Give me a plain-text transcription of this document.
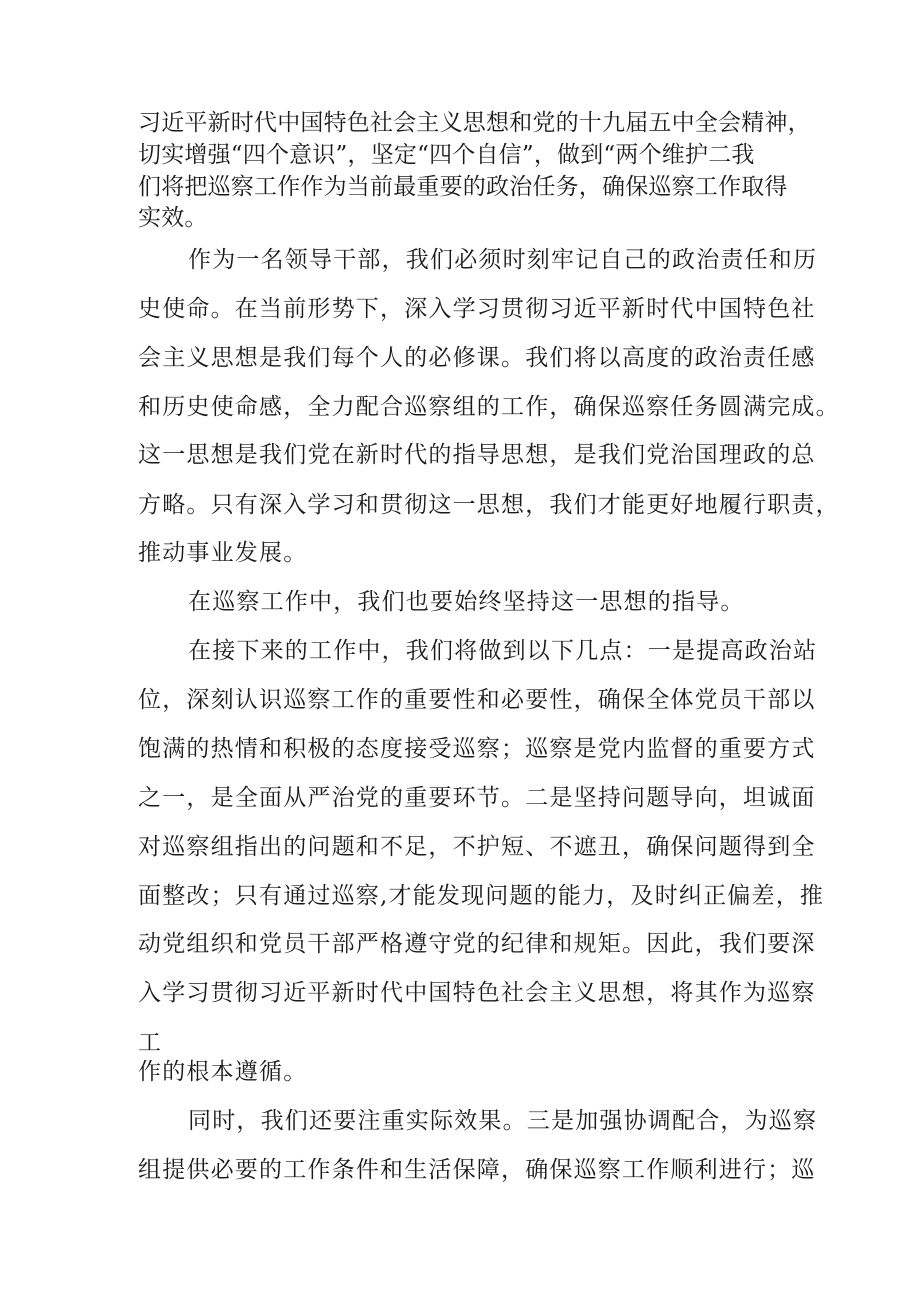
习近平新时代中国特色社会主义思想和党的十九届五中全会精神，

切实增强“四个意识”，坚定“四个自信”，做到“两个维护二我

们将把巡察工作作为当前最重要的政治任务，确保巡察工作取得

实效。

作为一名领导干部，我们必须时刻牢记自己的政治责任和历

史使命。在当前形势下，深入学习贯彻习近平新时代中国特色社

会主义思想是我们每个人的必修课。我们将以高度的政治责任感

和历史使命感，全力配合巡察组的工作，确保巡察任务圆满完成。

这一思想是我们党在新时代的指导思想，是我们党治国理政的总

方略。只有深入学习和贯彻这一思想，我们才能更好地履行职责，

推动事业发展。

在巡察工作中，我们也要始终坚持这一思想的指导。

在接下来的工作中，我们将做到以下几点：一是提高政治站

位，深刻认识巡察工作的重要性和必要性，确保全体党员干部以

饱满的热情和积极的态度接受巡察；巡察是党内监督的重要方式

之一，是全面从严治党的重要环节。二是坚持问题导向，坦诚面

对巡察组指出的问题和不足，不护短、不遮丑，确保问题得到全

面整改；只有通过巡察,才能发现问题的能力，及时纠正偏差，推

动党组织和党员干部严格遵守党的纪律和规矩。因此，我们要深

入学习贯彻习近平新时代中国特色社会主义思想，将其作为巡察

工

作的根本遵循。

同时，我们还要注重实际效果。三是加强协调配合，为巡察

组提供必要的工作条件和生活保障，确保巡察工作顺利进行；巡
